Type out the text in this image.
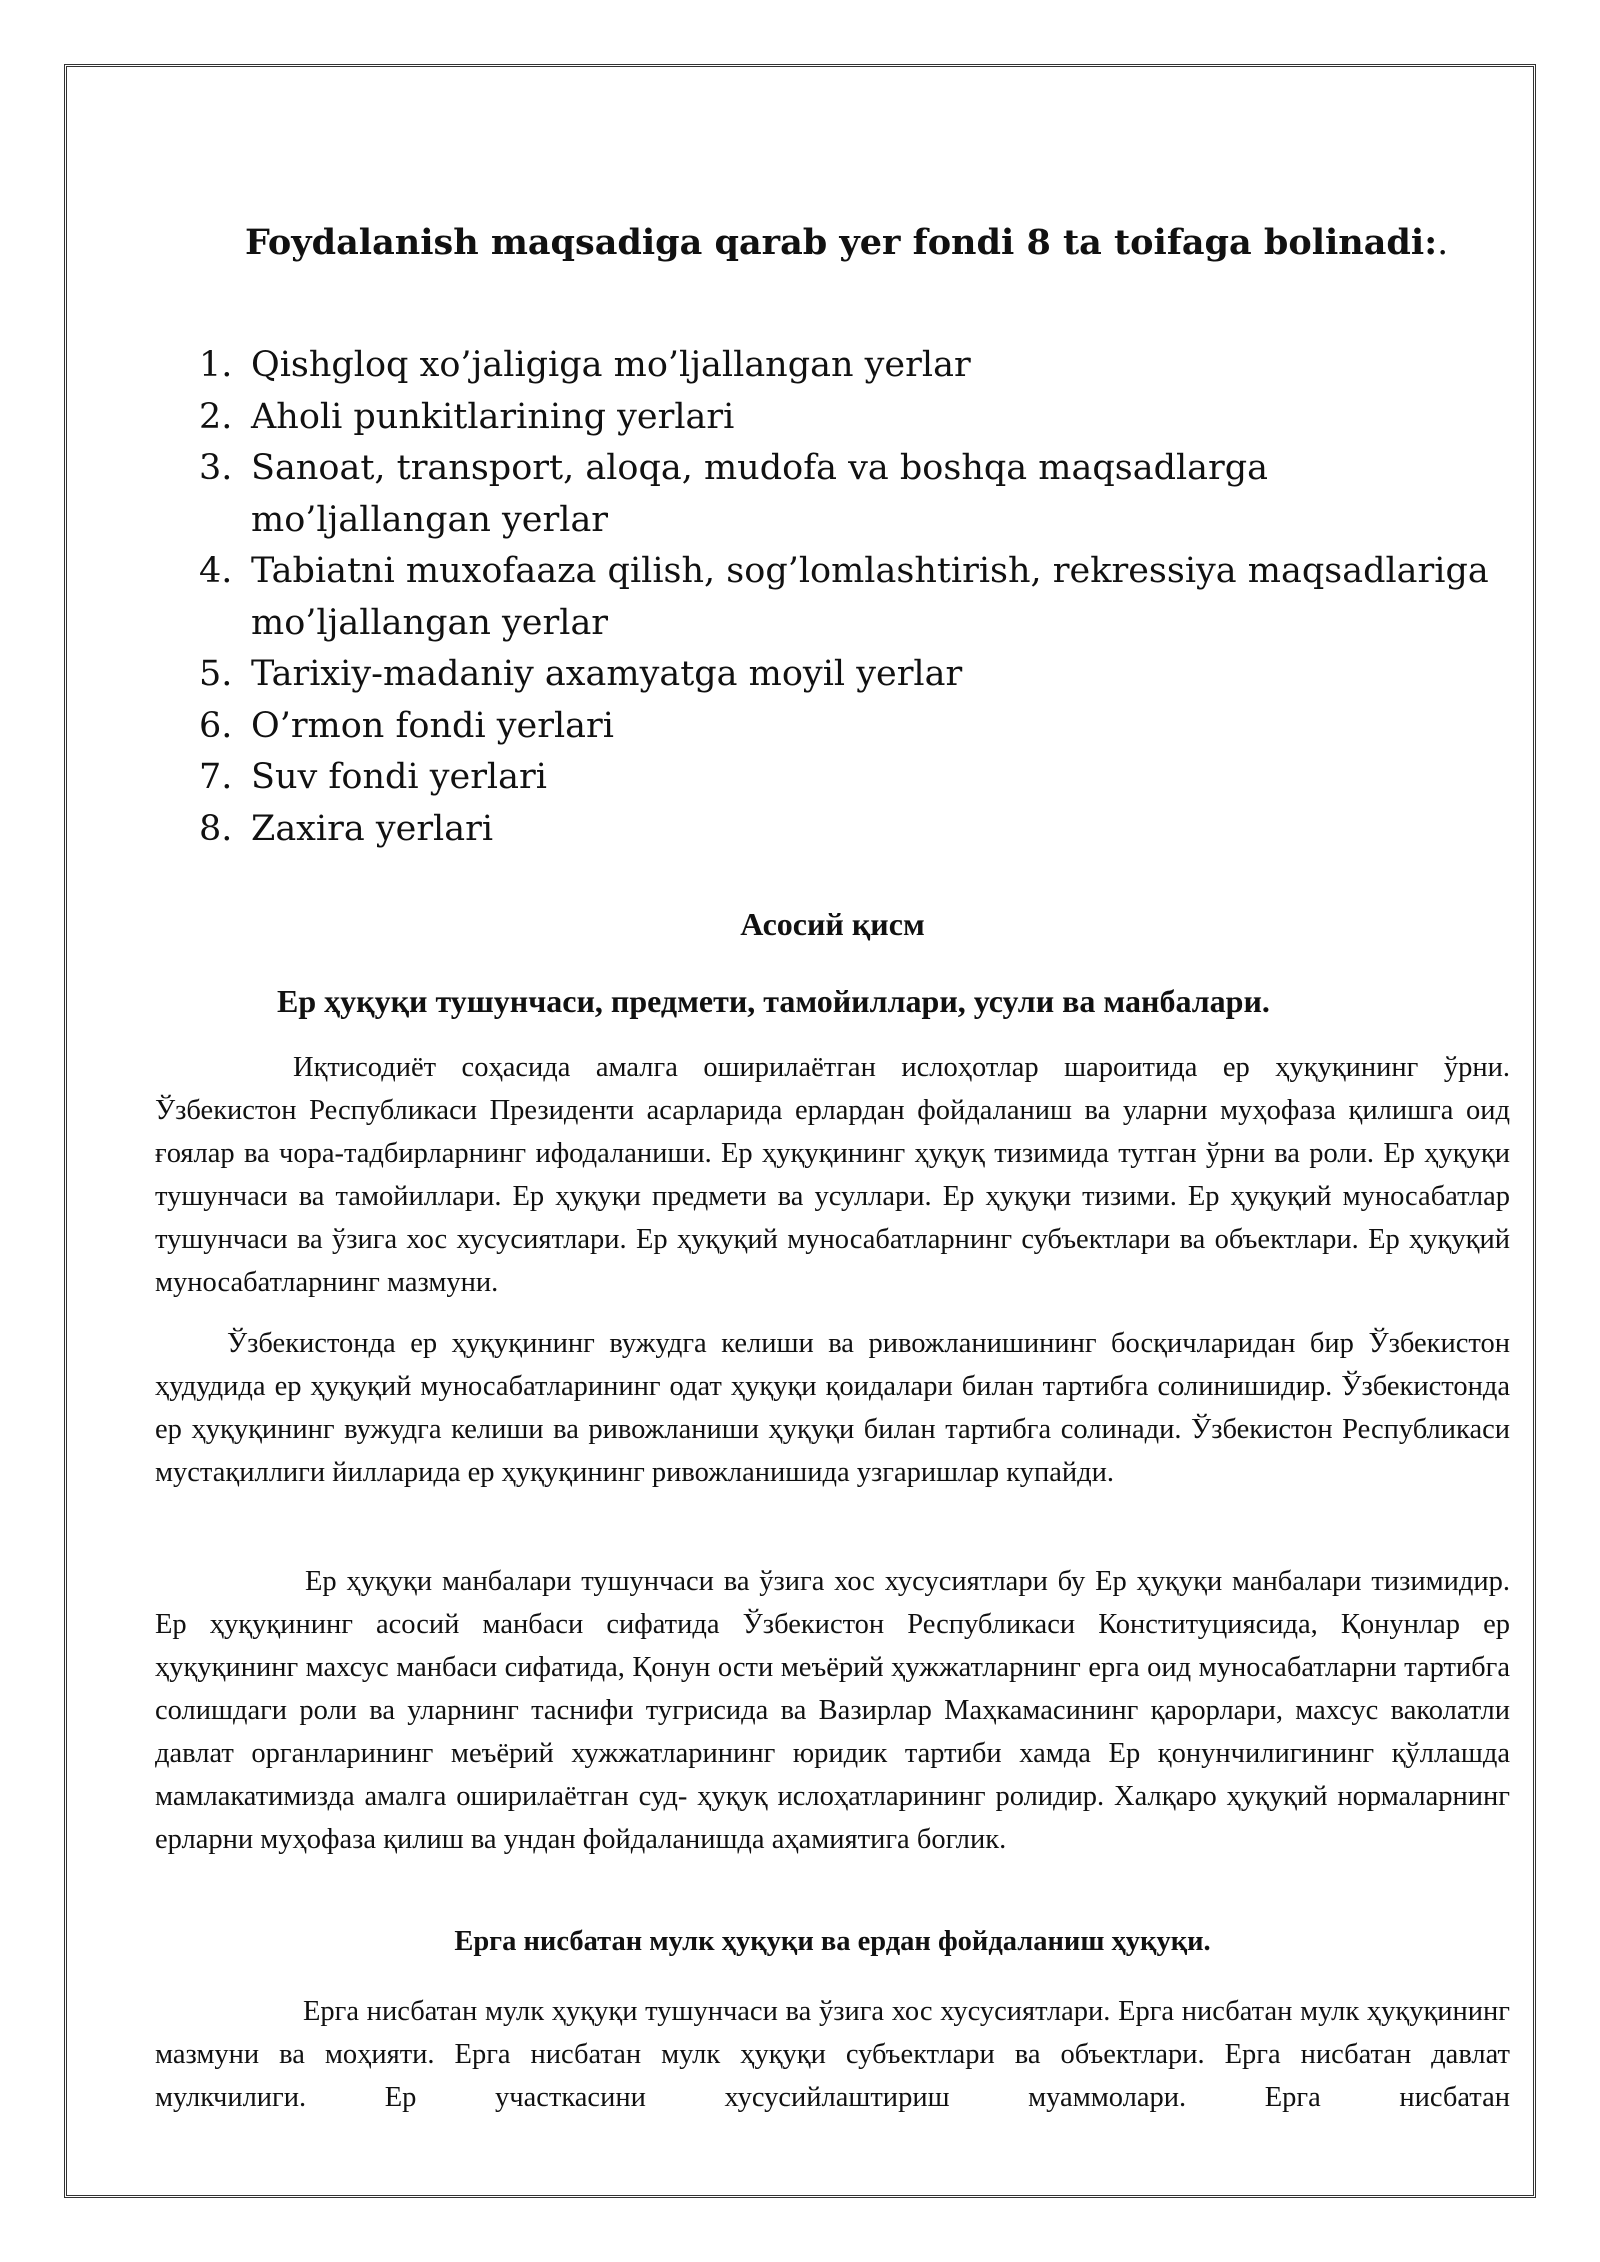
Foydalanish maqsadiga qarab yer fondi 8 ta toifaga bolinadi:.
1. Qishgloq xo’jaligiga mo’ljallangan yerlar
2. Aholi punkitlarining yerlari
3. Sanoat, transport, aloqa, mudofa va boshqa maqsadlarga mo’ljallangan yerlar
4. Tabiatni muxofaaza qilish, sog’lomlashtirish, rekressiya maqsadlariga mo’ljallangan yerlar
5. Tarixiy-madaniy axamyatga moyil yerlar
6. O’rmon fondi yerlari
7. Suv fondi yerlari
8. Zaxira yerlari
Асосий қисм
Ер ҳуқуқи тушунчаси, предмети, тамойиллари, усули ва манбалари.

Иқтисодиёт соҳасида амалга оширилаётган ислоҳотлар шароитида ер ҳуқуқининг ўрни. Ўзбекистон Республикаси Президенти асарларида ерлардан фойдаланиш ва уларни муҳофаза қилишга оид ғоялар ва чора-тадбирларнинг ифодаланиши. Ер ҳуқуқининг ҳуқуқ тизимида тутган ўрни ва роли. Ер ҳуқуқи тушунчаси ва тамойиллари. Ер ҳуқуқи предмети ва усуллари. Ер ҳуқуқи тизими. Ер ҳуқуқий муносабатлар тушунчаси ва ўзига хос хусусиятлари. Ер ҳуқуқий муносабатларнинг субъектлари ва объектлари. Ер ҳуқуқий муносабатларнинг мазмуни.

Ўзбекистонда ер ҳуқуқининг вужудга келиши ва ривожланишининг босқичларидан бир Ўзбекистон ҳудудида ер ҳуқуқий муносабатларининг одат ҳуқуқи қоидалари билан тартибга солинишидир. Ўзбекистонда ер ҳуқуқининг вужудга келиши ва ривожланиши ҳуқуқи билан тартибга солинади. Ўзбекистон Республикаси мустақиллиги йилларида ер ҳуқуқининг ривожланишида узгаришлар купайди.

Ер ҳуқуқи манбалари тушунчаси ва ўзига хос хусусиятлари бу Ер ҳуқуқи манбалари тизимидир. Ер ҳуқуқининг асосий манбаси сифатида Ўзбекистон Республикаси Конституциясида, Қонунлар ер ҳуқуқининг махсус манбаси сифатида, Қонун ости меъёрий ҳужжатларнинг ерга оид муносабатларни тартибга солишдаги роли ва уларнинг таснифи тугрисида ва Вазирлар Маҳкамасининг қарорлари, махсус ваколатли давлат органларининг меъёрий хужжатларининг юридик тартиби хамда Ер қонунчилигининг қўллашда мамлакатимизда амалга оширилаётган суд- ҳуқуқ ислоҳатларининг ролидир. Халқаро ҳуқуқий нормаларнинг ерларни муҳофаза қилиш ва ундан фойдаланишда аҳамиятига боглик.

Ерга нисбатан мулк ҳуқуқи ва ердан фойдаланиш ҳуқуқи.

Ерга нисбатан мулк ҳуқуқи тушунчаси ва ўзига хос хусусиятлари. Ерга нисбатан мулк ҳуқуқининг мазмуни ва моҳияти. Ерга нисбатан мулк ҳуқуқи субъектлари ва объектлари. Ерга нисбатан давлат мулкчилиги. Ер участкасини хусусийлаштириш муаммолари. Ерга нисбатан
